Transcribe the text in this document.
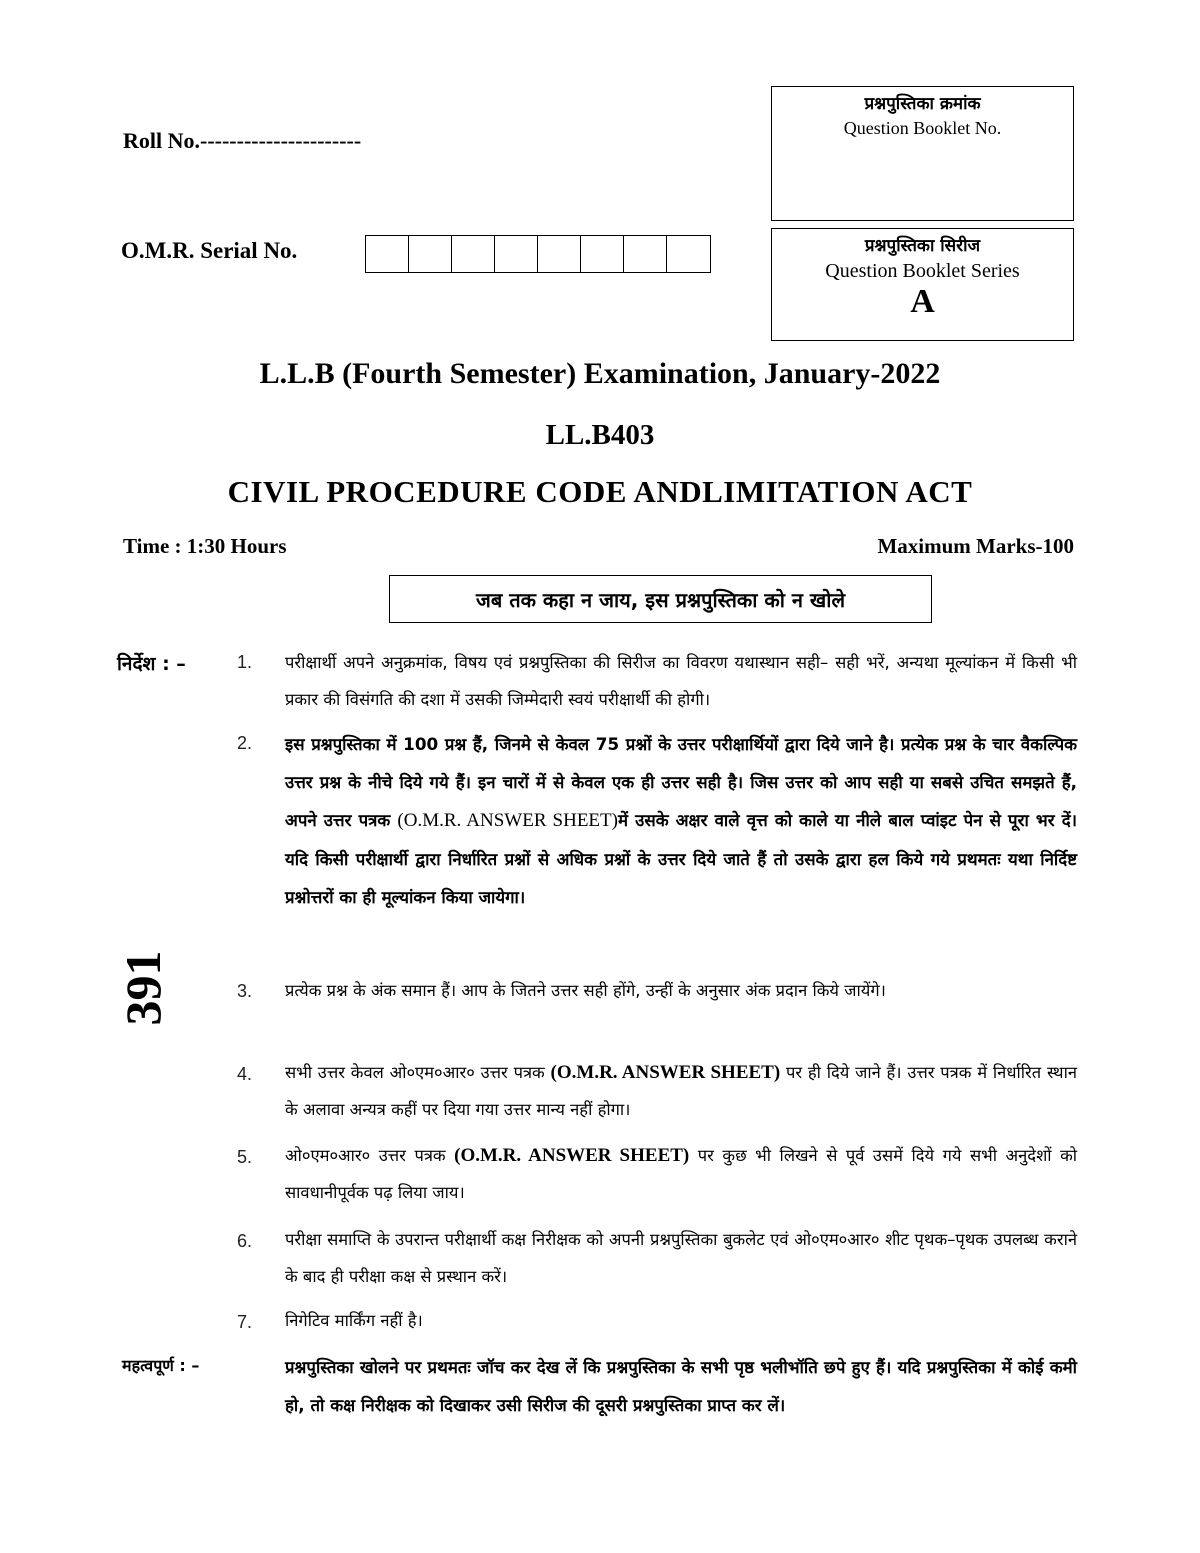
Roll No.----------------------
O.M.R. Serial No.
प्रश्नपुस्तिका क्रमांक
Question Booklet No.
प्रश्नपुस्तिका सिरीज
Question Booklet Series
A
L.L.B (Fourth Semester) Examination, January-2022
LL.B403
CIVIL PROCEDURE CODE ANDLIMITATION ACT
Time : 1:30 Hours	Maximum Marks-100
जब तक कहा न जाय, इस प्रश्नपुस्तिका को न खोले
391
निर्देश : –	1. परीक्षार्थी अपने अनुक्रमांक, विषय एवं प्रश्नपुस्तिका की सिरीज का विवरण यथास्थान सही– सही भरें, अन्यथा मूल्यांकन में किसी भी प्रकार की विसंगति की दशा में उसकी जिम्मेदारी स्वयं परीक्षार्थी की होगी।
2. इस प्रश्नपुस्तिका में 100 प्रश्न हैं, जिनमे से केवल 75 प्रश्नों के उत्तर परीक्षार्थियों द्वारा दिये जाने है। प्रत्येक प्रश्न के चार वैकल्पिक उत्तर प्रश्न के नीचे दिये गये हैं। इन चारों में से केवल एक ही उत्तर सही है। जिस उत्तर को आप सही या सबसे उचित समझते हैं, अपने उत्तर पत्रक (O.M.R. ANSWER SHEET)में उसके अक्षर वाले वृत्त को काले या नीले बाल प्वांइट पेन से पूरा भर दें। यदि किसी परीक्षार्थी द्वारा निर्धारित प्रश्नों से अधिक प्रश्नों के उत्तर दिये जाते हैं तो उसके द्वारा हल किये गये प्रथमतः यथा निर्दिष्ट प्रश्नोत्तरों का ही मूल्यांकन किया जायेगा।
3. प्रत्येक प्रश्न के अंक समान हैं। आप के जितने उत्तर सही होंगे, उन्हीं के अनुसार अंक प्रदान किये जायेंगे।
4. सभी उत्तर केवल ओ०एम०आर० उत्तर पत्रक (O.M.R. ANSWER SHEET) पर ही दिये जाने हैं। उत्तर पत्रक में निर्धारित स्थान के अलावा अन्यत्र कहीं पर दिया गया उत्तर मान्य नहीं होगा।
5. ओ०एम०आर० उत्तर पत्रक (O.M.R. ANSWER SHEET) पर कुछ भी लिखने से पूर्व उसमें दिये गये सभी अनुदेशों को सावधानीपूर्वक पढ़ लिया जाय।
6. परीक्षा समाप्ति के उपरान्त परीक्षार्थी कक्ष निरीक्षक को अपनी प्रश्नपुस्तिका बुकलेट एवं ओ०एम०आर० शीट पृथक–पृथक उपलब्ध कराने के बाद ही परीक्षा कक्ष से प्रस्थान करें।
7. निगेटिव मार्किंग नहीं है।
महत्वपूर्ण : –	प्रश्नपुस्तिका खोलने पर प्रथमतः जॉच कर देख लें कि प्रश्नपुस्तिका के सभी पृष्ठ भलीभॉति छपे हुए हैं। यदि प्रश्नपुस्तिका में कोई कमी हो, तो कक्ष निरीक्षक को दिखाकर उसी सिरीज की दूसरी प्रश्नपुस्तिका प्राप्त कर लें।
